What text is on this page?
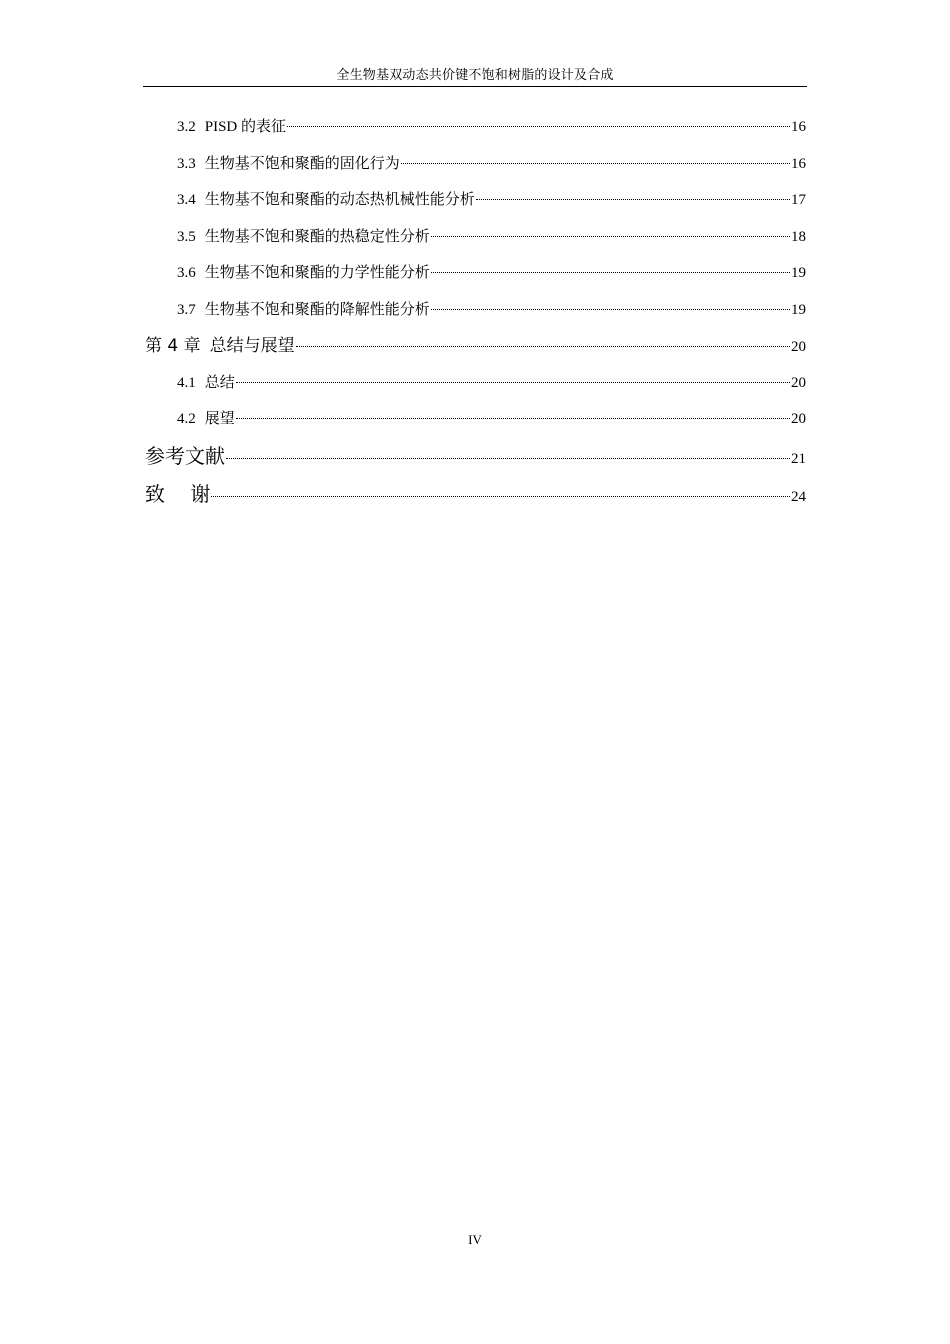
全生物基双动态共价键不饱和树脂的设计及合成
3.2 PISD 的表征	16
3.3 生物基不饱和聚酯的固化行为	16
3.4 生物基不饱和聚酯的动态热机械性能分析	17
3.5 生物基不饱和聚酯的热稳定性分析	18
3.6 生物基不饱和聚酯的力学性能分析	19
3.7 生物基不饱和聚酯的降解性能分析	19
第 4 章 总结与展望	20
4.1 总结	20
4.2 展望	20
参考文献	21
致    谢	24
IV
